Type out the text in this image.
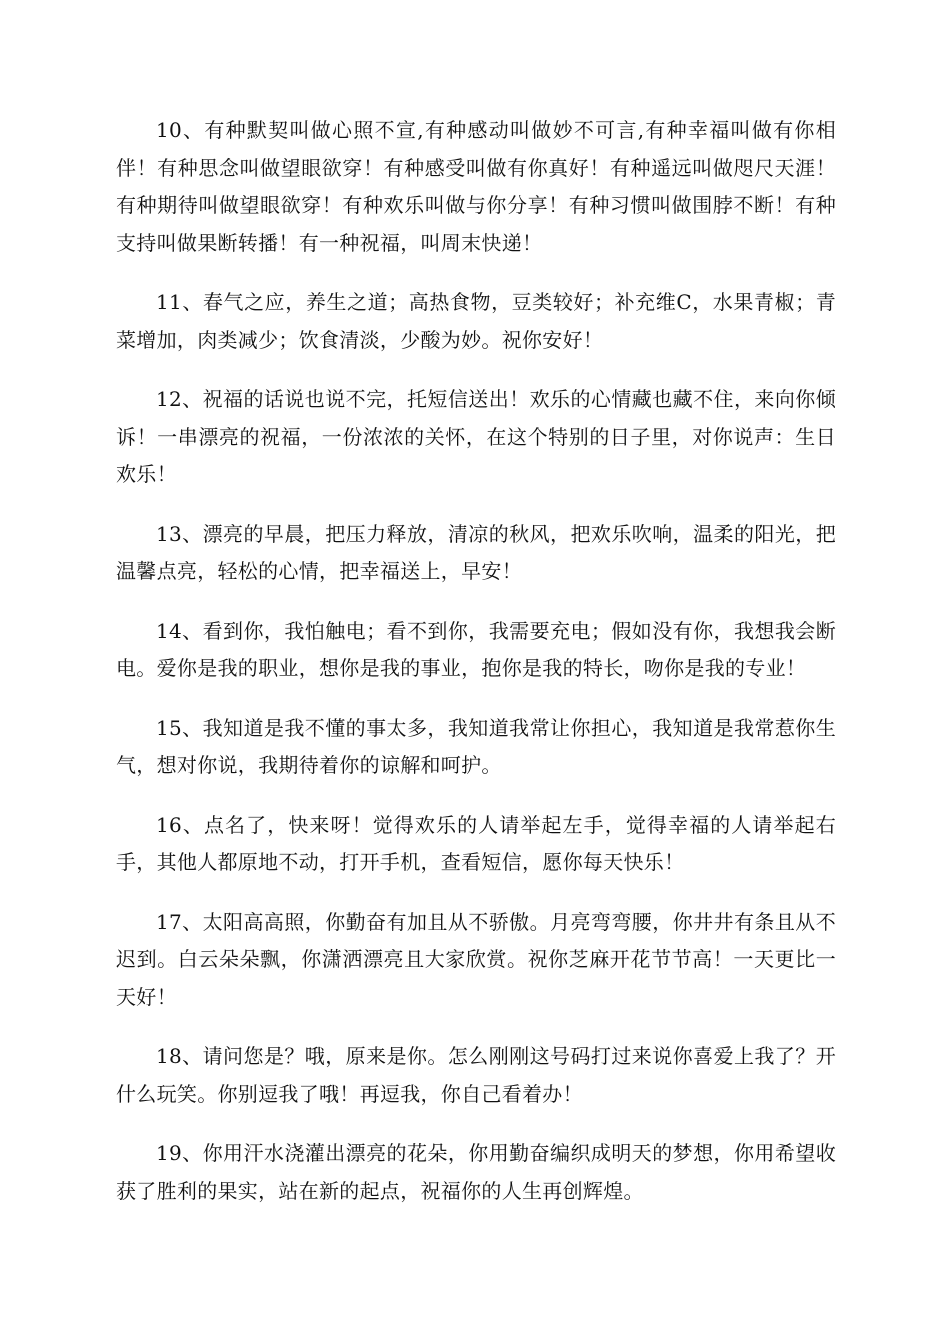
10、有种默契叫做心照不宣,有种感动叫做妙不可言,有种幸福叫做有你相伴！有种思念叫做望眼欲穿！有种感受叫做有你真好！有种遥远叫做咫尺天涯！有种期待叫做望眼欲穿！有种欢乐叫做与你分享！有种习惯叫做围脖不断！有种支持叫做果断转播！有一种祝福，叫周末快递！

11、春气之应，养生之道；高热食物，豆类较好；补充维C，水果青椒；青菜增加，肉类减少；饮食清淡，少酸为妙。祝你安好！

12、祝福的话说也说不完，托短信送出！欢乐的心情藏也藏不住，来向你倾诉！一串漂亮的祝福，一份浓浓的关怀，在这个特别的日子里，对你说声：生日欢乐！

13、漂亮的早晨，把压力释放，清凉的秋风，把欢乐吹响，温柔的阳光，把温馨点亮，轻松的心情，把幸福送上，早安！

14、看到你，我怕触电；看不到你，我需要充电；假如没有你，我想我会断电。爱你是我的职业，想你是我的事业，抱你是我的特长，吻你是我的专业！

15、我知道是我不懂的事太多，我知道我常让你担心，我知道是我常惹你生气，想对你说，我期待着你的谅解和呵护。

16、点名了，快来呀！觉得欢乐的人请举起左手，觉得幸福的人请举起右手，其他人都原地不动，打开手机，查看短信，愿你每天快乐！

17、太阳高高照，你勤奋有加且从不骄傲。月亮弯弯腰，你井井有条且从不迟到。白云朵朵飘，你潇洒漂亮且大家欣赏。祝你芝麻开花节节高！一天更比一天好！

18、请问您是？哦，原来是你。怎么刚刚这号码打过来说你喜爱上我了？开什么玩笑。你别逗我了哦！再逗我，你自己看着办！

19、你用汗水浇灌出漂亮的花朵，你用勤奋编织成明天的梦想，你用希望收获了胜利的果实，站在新的起点，祝福你的人生再创辉煌。
